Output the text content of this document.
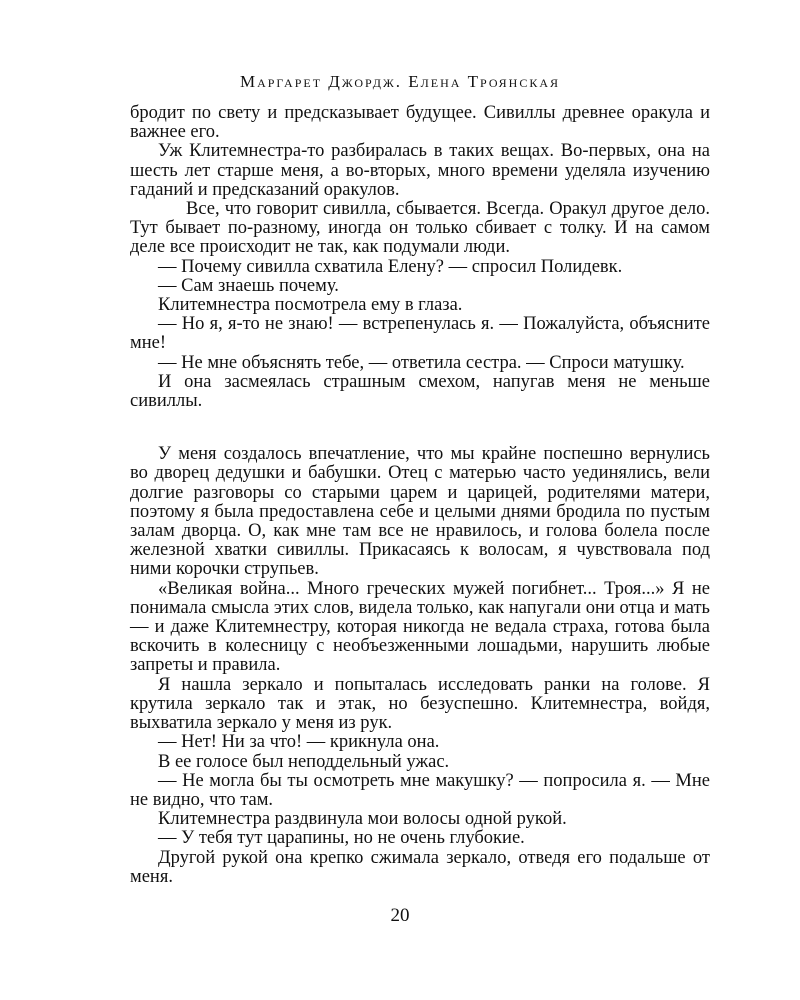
Маргарет Джордж. Елена Троянская

бродит по свету и предсказывает будущее. Сивиллы древнее оракула и важнее его.

Уж Клитемнестра-то разбиралась в таких вещах. Во-первых, она на шесть лет старше меня, а во-вторых, много времени уделяла изучению гаданий и предсказаний оракулов.

Все, что говорит сивилла, сбывается. Всегда. Оракул другое дело. Тут бывает по-разному, иногда он только сбивает с толку. И на самом деле все происходит не так, как подумали люди.

— Почему сивилла схватила Елену? — спросил Полидевк.

— Сам знаешь почему.

Клитемнестра посмотрела ему в глаза.

— Но я, я-то не знаю! — встрепенулась я. — Пожалуйста, объясните мне!

— Не мне объяснять тебе, — ответила сестра. — Спроси матушку.

И она засмеялась страшным смехом, напугав меня не меньше сивиллы.

У меня создалось впечатление, что мы крайне поспешно вернулись во дворец дедушки и бабушки. Отец с матерью часто уединялись, вели долгие разговоры со старыми царем и царицей, родителями матери, поэтому я была предоставлена себе и целыми днями бродила по пустым залам дворца. О, как мне там все не нравилось, и голова болела после железной хватки сивиллы. Прикасаясь к волосам, я чувствовала под ними корочки струпьев.

«Великая война... Много греческих мужей погибнет... Троя...» Я не понимала смысла этих слов, видела только, как напугали они отца и мать — и даже Клитемнестру, которая никогда не ведала страха, готова была вскочить в колесницу с необъезженными лошадьми, нарушить любые запреты и правила.

Я нашла зеркало и попыталась исследовать ранки на голове. Я крутила зеркало так и этак, но безуспешно. Клитемнестра, войдя, выхватила зеркало у меня из рук.

— Нет! Ни за что! — крикнула она.

В ее голосе был неподдельный ужас.

— Не могла бы ты осмотреть мне макушку? — попросила я. — Мне не видно, что там.

Клитемнестра раздвинула мои волосы одной рукой.

— У тебя тут царапины, но не очень глубокие.

Другой рукой она крепко сжимала зеркало, отведя его подальше от меня.

20
